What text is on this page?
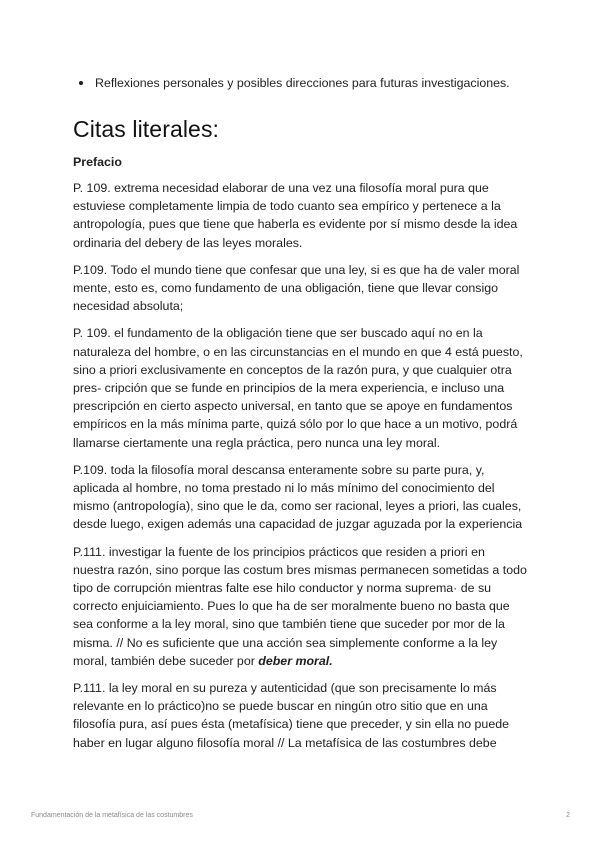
Reflexiones personales y posibles direcciones para futuras investigaciones.
Citas literales:
Prefacio

P. 109. extrema necesidad elaborar de una vez una filosofía moral pura que estuviese completamente limpia de todo cuanto sea empírico y pertenece a la antropología, pues que tiene que haberla es evidente por sí mismo desde la idea ordinaria del debery de las leyes morales.

P.109. Todo el mundo tiene que confesar que una ley, si es que ha de valer moral mente, esto es, como fundamento de una obligación, tiene que llevar consigo necesidad absoluta;

P. 109. el fundamento de la obligación tiene que ser buscado aquí no en la naturaleza del hombre, o en las circunstancias en el mundo en que 4 está puesto, sino a priori exclusivamente en conceptos de la razón pura, y que cualquier otra pres- cripción que se funde en principios de la mera experiencia, e incluso una prescripción en cierto aspecto universal, en tanto que se apoye en fundamentos empíricos en la más mínima parte, quizá sólo por lo que hace a un motivo, podrá llamarse ciertamente una regla práctica, pero nunca una ley moral.

P.109. toda la filosofía moral descansa enteramente sobre su parte pura, y, aplicada al hombre, no toma prestado ni lo más mínimo del conocimiento del mismo (antropología), sino que le da, como ser racional, leyes a priori, las cuales, desde luego, exigen además una capacidad de juzgar aguzada por la experiencia

P.111. investigar la fuente de los principios prácticos que residen a priori en nuestra razón, sino porque las costum bres mismas permanecen sometidas a todo tipo de corrupción mientras falte ese hilo conductor y norma suprema· de su correcto enjuiciamiento. Pues lo que ha de ser moralmente bueno no basta que sea conforme a la ley moral, sino que también tiene que suceder por mor de la misma. // No es suficiente que una acción sea simplemente conforme a la ley moral, también debe suceder por deber moral.

P.111. la ley moral en su pureza y autenticidad (que son precisamente lo más relevante en lo práctico)no se puede buscar en ningún otro sitio que en una filosofía pura, así pues ésta (metafísica) tiene que preceder, y sin ella no puede haber en lugar alguno filosofía moral // La metafísica de las costumbres debe

Fundamentación de la metafísica de las costumbres	2
